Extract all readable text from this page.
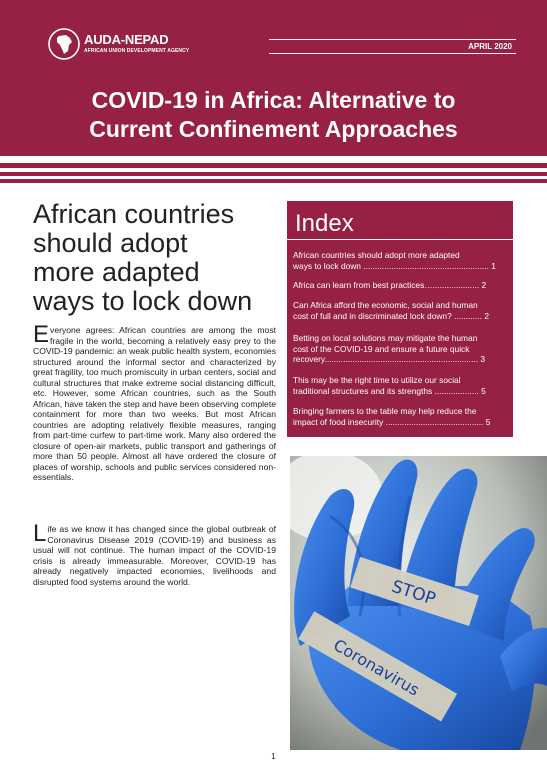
AUDA-NEPAD
AFRICAN UNION DEVELOPMENT AGENCY	APRIL 2020
COVID-19 in Africa: Alternative to
Current Confinement Approaches
African countries
should adopt
more adapted
ways to lock down

Everyone agrees: African countries are among the most fragile in the world, becoming a relatively easy prey to the COVID-19 pandemic: an weak public health system, economies structured around the informal sector and characterized by great fragility, too much promiscuity in urban centers, social and cultural structures that make extreme social distancing difficult, etc. However, some African countries, such as the South African, have taken the step and have been observing complete containment for more than two weeks. But most African countries are adopting relatively flexible measures, ranging from part-time curfew to part-time work. Many also ordered the closure of open-air markets, public transport and gatherings of more than 50 people. Almost all have ordered the closure of places of worship, schools and public services considered non-essentials.

Life as we know it has changed since the global outbreak of Coronavirus Disease 2019 (COVID-19) and business as usual will not continue. The human impact of the COVID-19 crisis is already immeasurable. Moreover, COVID-19 has already negatively impacted economies, livelihoods and disrupted food systems around the world.

Index
African countries should adopt more adapted
ways to lock down ...................................................... 1
Africa can learn from best practices….................... 2
Can Africa afford the economic, social and human
cost of full and in discriminated lock down? ............ 2
Betting on local solutions may mitigate the human
cost of the COVID-19 and ensure a future quick
recovery.................................................................. 3
This may be the right time to utilize our social
traditional structures and its strengths ................... 5
Bringing farmers to the table may help reduce the
impact of food insecurity .......................................... 5
STOP
Coronavirus
1
